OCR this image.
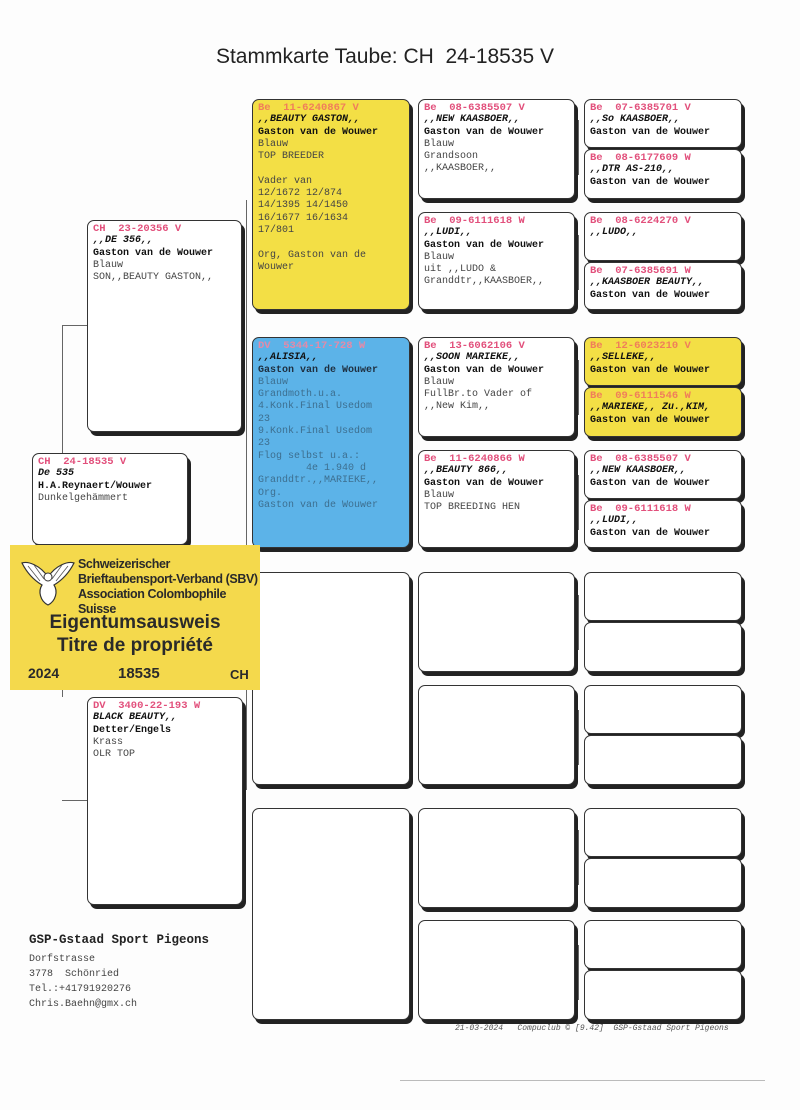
Stammkarte Taube: CH  24-18535 V
CH  24-18535 V
De 535
H.A.Reynaert/Wouwer
Dunkelgehämmert
CH  23-20356 V
,,DE 356,,
Gaston van de Wouwer
Blauw
SON,,BEAUTY GASTON,,
DV  3400-22-193 W
BLACK BEAUTY,,
Detter/Engels
Krass
OLR TOP
Be  11-6240867 V
,,BEAUTY GASTON,,
Gaston van de Wouwer
Blauw
TOP BREEDER
Vader van
12/1672 12/874
14/1395 14/1450
16/1677 16/1634
17/801
Org, Gaston van de
Wouwer
DV  5344-17-728 W
,,ALISIA,,
Gaston van de Wouwer
Blauw
Grandmoth.u.a.
4.Konk.Final Usedom
23
9.Konk.Final Usedom
23
Flog selbst u.a.:
4e 1.940 d
Granddtr.,,MARIEKE,,
Org.
Gaston van de Wouwer
Be  08-6385507 V
,,NEW KAASBOER,,
Gaston van de Wouwer
Blauw
Grandsoon
,,KAASBOER,,
Be  09-6111618 W
,,LUDI,,
Gaston van de Wouwer
Blauw
uit ,,LUDO &
Granddtr,,KAASBOER,,
Be  13-6062106 V
,,SOON MARIEKE,,
Gaston van de Wouwer
Blauw
FullBr.to Vader of
,,New Kim,,
Be  11-6240866 W
,,BEAUTY 866,,
Gaston van de Wouwer
Blauw
TOP BREEDING HEN
Be  07-6385701 V
,,So KAASBOER,,
Gaston van de Wouwer
Be  08-6177609 W
,,DTR AS-210,,
Gaston van de Wouwer
Be  08-6224270 V
,,LUDO,,
Be  07-6385691 W
,,KAASBOER BEAUTY,,
Gaston van de Wouwer
Be  12-6023210 V
,,SELLEKE,,
Gaston van de Wouwer
Be  09-6111546 W
,,MARIEKE,, Zu.,KIM,
Gaston van de Wouwer
Be  08-6385507 V
,,NEW KAASBOER,,
Gaston van de Wouwer
Be  09-6111618 W
,,LUDI,,
Gaston van de Wouwer
Schweizerischer
Brieftaubensport-Verband (SBV)
Association Colombophile Suisse
Eigentumsausweis
Titre de propriété
2024	18535	CH
GSP-Gstaad Sport Pigeons
Dorfstrasse
3778  Schönried
Tel.:+41791920276
Chris.Baehn@gmx.ch
21-03-2024   Compuclub © [9.42]  GSP-Gstaad Sport Pigeons
